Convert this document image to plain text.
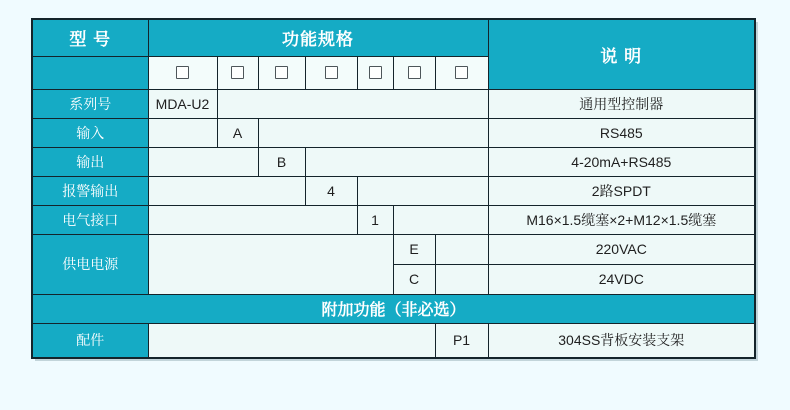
型 号	功能规格							说 明

系列号	MDA-U2							通用型控制器
输入		A						RS485
输出			B					4-20mA+RS485
报警输出				4				2路SPDT
电气接口					1			M16×1.5缆塞×2+M12×1.5缆塞
供电电源						E		220VAC
						C		24VDC
附加功能（非必选）								
配件							P1	304SS背板安装支架
